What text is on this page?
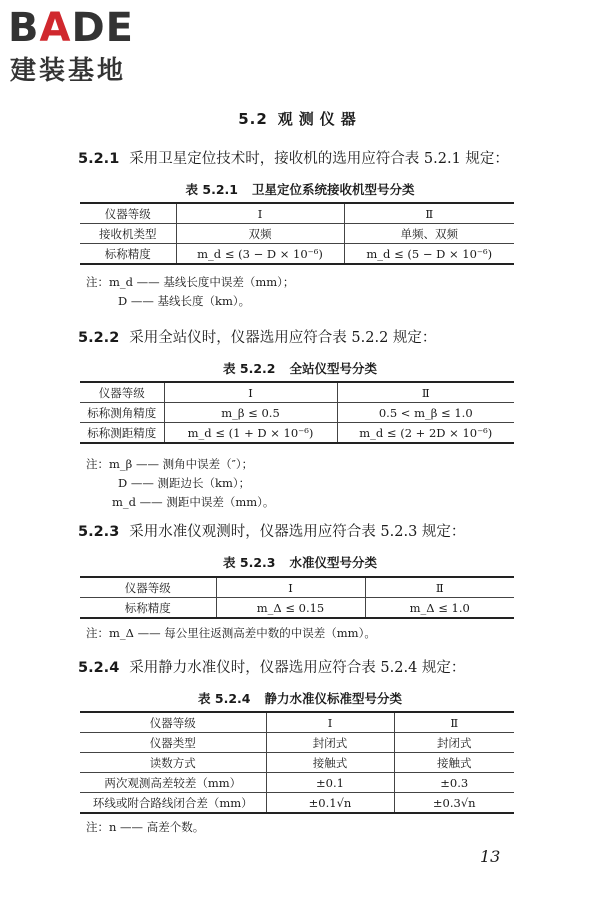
BADE
建装基地
5.2 观测仪器
5.2.1 采用卫星定位技术时，接收机的选用应符合表 5.2.1 规定：
表 5.2.1 卫星定位系统接收机型号分类
仪器等级	Ⅰ	Ⅱ
接收机类型	双频	单频、双频
标称精度	m_d ≤ (3 − D × 10⁻⁶)	m_d ≤ (5 − D × 10⁻⁶)
注：m_d —— 基线长度中误差（mm）；
D —— 基线长度（km）。
5.2.2 采用全站仪时，仪器选用应符合表 5.2.2 规定：
表 5.2.2 全站仪型号分类
仪器等级	Ⅰ	Ⅱ
标称测角精度	m_β ≤ 0.5	0.5 < m_β ≤ 1.0
标称测距精度	m_d ≤ (1 + D × 10⁻⁶)	m_d ≤ (2 + 2D × 10⁻⁶)
注：m_β —— 测角中误差（″）；
D —— 测距边长（km）；
m_d —— 测距中误差（mm）。
5.2.3 采用水准仪观测时，仪器选用应符合表 5.2.3 规定：
表 5.2.3 水准仪型号分类
仪器等级	Ⅰ	Ⅱ
标称精度	m_Δ ≤ 0.15	m_Δ ≤ 1.0
注：m_Δ —— 每公里往返测高差中数的中误差（mm）。
5.2.4 采用静力水准仪时，仪器选用应符合表 5.2.4 规定：
表 5.2.4 静力水准仪标准型号分类
仪器等级	Ⅰ	Ⅱ
仪器类型	封闭式	封闭式
读数方式	接触式	接触式
两次观测高差较差（mm）	±0.1	±0.3
环线或附合路线闭合差（mm）	±0.1√n	±0.3√n
注：n —— 高差个数。
13
